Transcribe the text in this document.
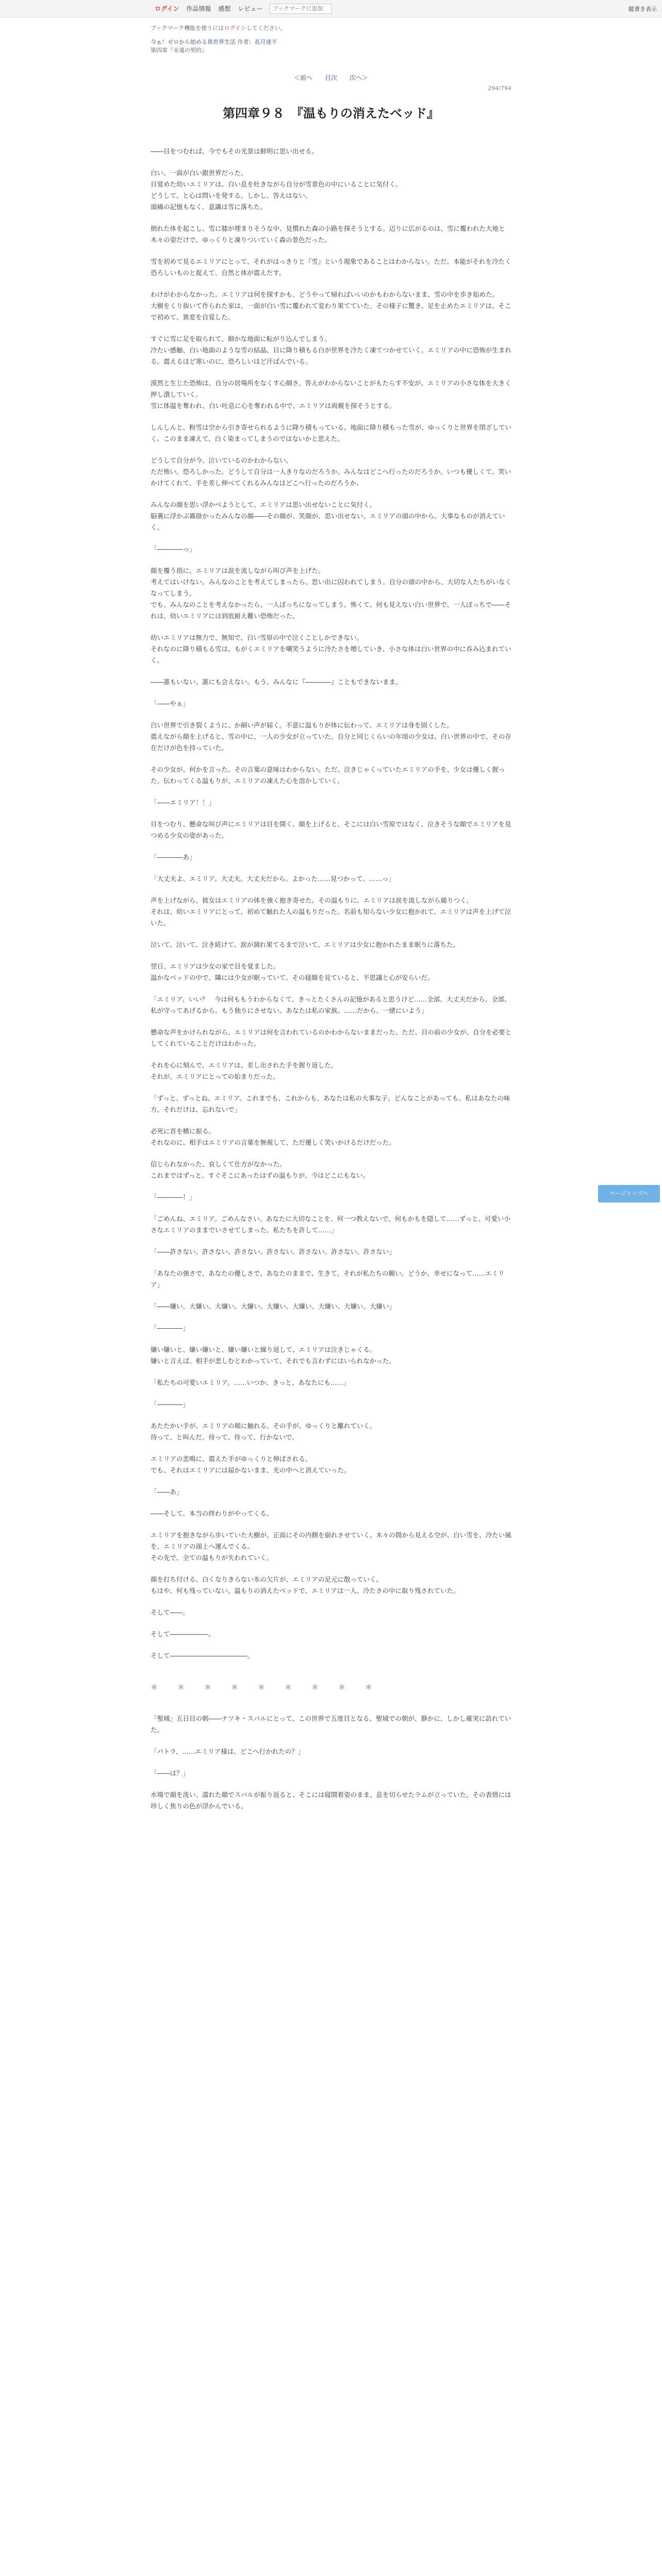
ログイン 作品情報 感想 レビュー
ブックマークに追加	縦書き表示
ブックマーク機能を使うにはログインしてください。
今ぁ！ゼロから始める異世界生活 作者：長月達平
第四章『永遠の契約』
＜前へ 目次 次へ＞
294/794
第四章９８　『温もりの消えたベッド』

――目をつむれば、今でもその光景は鮮明に思い出せる。

白い、一面が白い銀世界だった。
目覚めた幼いエミリアは、白い息を吐きながら自分が雪景色の中にいることに気付く。
どうして、と心は問いを発する。しかし、答えはない。
頭痛の記憶もなく、意識は雪に落ちた。

倒れた体を起こし、雪に膝が埋まりそうな中、見慣れた森の小路を探そうとする。辺りに広がるのは、雪に覆われた大地と木々の姿だけで、ゆっくりと凍りついていく森の景色だった。

雪を初めて見るエミリアにとって、それがはっきりと『雪』という現象であることはわからない。ただ、本能がそれを冷たく恐ろしいものと捉えて、自然と体が震えだす。

わけがわからなかった。エミリアは何を探すかも、どうやって帰ればいいのかもわからないまま、雪の中を歩き始めた。
大樹をくり抜いて作られた家は、一面が白い雪に覆われて変わり果てていた。その様子に驚き、足を止めたエミリアは、そこで初めて、異変を自覚した。

すぐに雪に足を取られて、細かな地面に転がり込んでしまう。
冷たい感触、白い地面のような雪の結晶、目に降り積もる白が世界を冷たく凍てつかせていく。エミリアの中に恐怖が生まれる。震えるほど寒いのに、恐ろしいほど汗ばんでいる。

漠然と生じた恐怖は、自分の居場所をなくす心細さ。答えがわからないことがもたらす不安が、エミリアの小さな体を大きく押し潰していく。
雪に体温を奪われ、白い吐息に心を奪われる中で、エミリアは両親を探そうとする。

しんしんと、粉雪は空から引き寄せられるように降り積もっている。地面に降り積もった雪が、ゆっくりと世界を閉ざしていく。このまま凍えて、白く染まってしまうのではないかと思えた。

どうして自分が今、泣いているのかわからない。
ただ怖い。恐ろしかった。どうして自分は一人きりなのだろうか。みんなはどこへ行ったのだろうか。いつも優しくて、笑いかけてくれて、手を差し伸べてくれるみんなはどこへ行ったのだろうか。

みんなの顔を思い浮かべようとして、エミリアは思い出せないことに気付く。
脳裏に浮かぶ霧掛かったみんなの顔――その顔が、笑顔が、思い出せない。エミリアの頭の中から、大事なものが消えていく。

「――――っ」

顔を覆う指に、エミリアは涙を流しながら叫び声を上げた。
考えてはいけない。みんなのことを考えてしまったら、思い出に囚われてしまう。自分の頭の中から、大切な人たちがいなくなってしまう。
でも、みんなのことを考えなかったら、一人ぼっちになってしまう。怖くて、何も見えない白い世界で、一人ぼっちで――それは、幼いエミリアには到底耐え難い恐怖だった。

幼いエミリアは無力で、無知で、白い雪原の中で泣くことしかできない。
それなのに降り積もる雪は、もがくエミリアを嘲笑うように冷たさを増していき、小さな体は白い世界の中に呑み込まれていく。

――誰もいない。誰にも会えない。もう、みんなに『――――』こともできないまま。

「――やぁ」

白い世界で引き裂くように、か細い声が届く。不意に温もりが体に伝わって、エミリアは身を固くした。
震えながら顔を上げると、雪の中に、一人の少女が立っていた。自分と同じくらいの年頃の少女は、白い世界の中で、その存在だけが色を持っていた。

その少女が、何かを言った。その言葉の意味はわからない。ただ、泣きじゃくっていたエミリアの手を、少女は優しく握った。伝わってくる温もりが、エミリアの凍えた心を溶かしていく。

「――エミリア！！」

目をつむり、懸命な叫び声にエミリアは目を開く。顔を上げると、そこには白い雪原ではなく、泣きそうな顔でエミリアを見つめる少女の姿があった。

「――――あ」

「大丈夫よ、エミリア。大丈夫。大丈夫だから。よかった……見つかって、……っ」

声を上げながら、彼女はエミリアの体を強く抱き寄せた。その温もりに、エミリアは涙を流しながら縋りつく。
それは、幼いエミリアにとって、初めて触れた人の温もりだった。名前も知らない少女に抱かれて、エミリアは声を上げて泣いた。

泣いて、泣いて、泣き続けて、涙が涸れ果てるまで泣いて、エミリアは少女に抱かれたまま眠りに落ちた。

翌日、エミリアは少女の家で目を覚ました。
温かなベッドの中で、隣には少女が眠っていて、その寝顔を見ていると、不思議と心が安らいだ。

「エミリア、いい？　今は何ももうわからなくて、きっとたくさんの記憶があると思うけど……全部、大丈夫だから。全部、私が守ってあげるから。もう独りにさせない。あなたは私の家族。……だから、一緒にいよう」

懸命な声をかけられながら、エミリアは何を言われているのかわからないままだった。ただ、目の前の少女が、自分を必要としてくれていることだけはわかった。

それを心に刻んで、エミリアは、差し出された手を握り返した。
それが、エミリアにとっての始まりだった。

「ずっと、ずっとね、エミリア。これまでも、これからも、あなたは私の大事な子。どんなことがあっても、私はあなたの味方。それだけは、忘れないで」

必死に首を横に振る。
それなのに、相手はエミリアの言葉を無視して、ただ優しく笑いかけるだけだった。

信じられなかった。哀しくて仕方がなかった。
これまではずっと、すぐそこにあったはずの温もりが、今はどこにもない。

「――――！」

「ごめんね、エミリア。ごめんなさい。あなたに大切なことを、何一つ教えないで、何もかもを隠して……ずっと、可愛い小さなエミリアのままでいさせてしまった。私たちを許して……」

「――許さない。許さない。許さない。許さない。許さない。許さない。許さない」

「あなたの強さで、あなたの優しさで、あなたのままで、生きて。それが私たちの願い。どうか、幸せになって……エミリア」

「――嫌い。大嫌い。大嫌い。大嫌い。大嫌い。大嫌い。大嫌い。大嫌い。大嫌い」

「――――」

嫌い嫌いと、嫌い嫌いと、嫌い嫌いと繰り返して、エミリアは泣きじゃくる。
嫌いと言えば、相手が悲しむとわかっていて、それでも言わずにはいられなかった。

「私たちの可愛いエミリア。……いつか、きっと、あなたにも……」

「――――」

あたたかい手が、エミリアの頬に触れる。その手が、ゆっくりと離れていく。
待って、と叫んだ。待って、待って、行かないで。

エミリアの悲鳴に、震えた手がゆっくりと伸ばされる。
でも、それはエミリアには届かないまま、光の中へと消えていった。

「――あ」

――そして、本当の終わりがやってくる。

エミリアを抱きながら歩いていた大樹が、正面にその内側を崩れさせていく。木々の間から見える空が、白い雪を、冷たい風を、エミリアの頭上へ運んでくる。
その先で、全ての温もりが失われていく。

顔を打ち付ける、白くなりきらない氷の欠片が、エミリアの足元に散っていく。
もはや、何も残っていない。温もりの消えたベッドで、エミリアは一人、冷たさの中に取り残されていた。

そして――。

そして――――――。

そして――――――――――――。

＊　＊　＊　＊　＊　＊　＊　＊　＊

「聖域」五日目の朝――ナツキ・スバルにとって、この世界で五度目となる、聖域での朝が、静かに、しかし確実に訪れていた。

「パトラ、……エミリア様は、どこへ行かれたの？」

「――は？」

水場で顔を洗い、濡れた顔でスバルが振り返ると、そこには寝間着姿のまま、息を切らせたラムが立っていた。その表情には珍しく焦りの色が浮かんでいる。

ページトップへ
